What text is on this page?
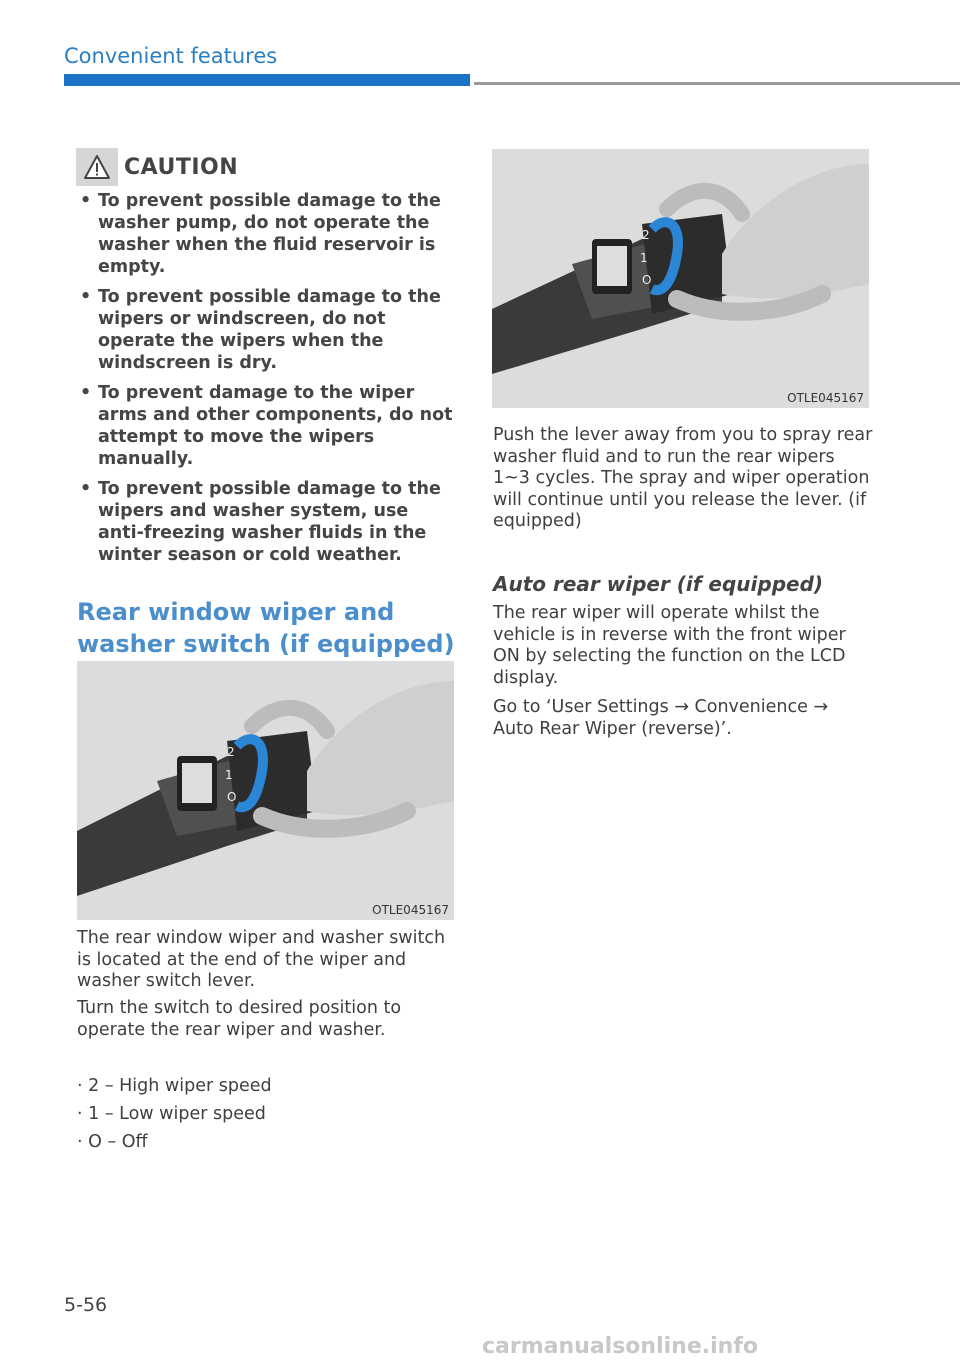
Convenient features
CAUTION
• To prevent possible damage to the washer pump, do not operate the washer when the fluid reservoir is empty.
• To prevent possible damage to the wipers or windscreen, do not operate the wipers when the windscreen is dry.
• To prevent damage to the wiper arms and other components, do not attempt to move the wipers manually.
• To prevent possible damage to the wipers and washer system, use anti-freezing washer fluids in the winter season or cold weather.
Rear window wiper and washer switch (if equipped)
2
1
O
OTLE045167
2
1
O
OTLE045167

The rear window wiper and washer switch is located at the end of the wiper and washer switch lever.

Turn the switch to desired position to operate the rear wiper and washer.

· 2 – High wiper speed
· 1 – Low wiper speed
· O – Off

Push the lever away from you to spray rear washer fluid and to run the rear wipers 1~3 cycles. The spray and wiper operation will continue until you release the lever. (if equipped)

Auto rear wiper (if equipped)

The rear wiper will operate whilst the vehicle is in reverse with the front wiper ON by selecting the function on the LCD display.

Go to ‘User Settings → Convenience → Auto Rear Wiper (reverse)’.

5-56
carmanualsonline.info
